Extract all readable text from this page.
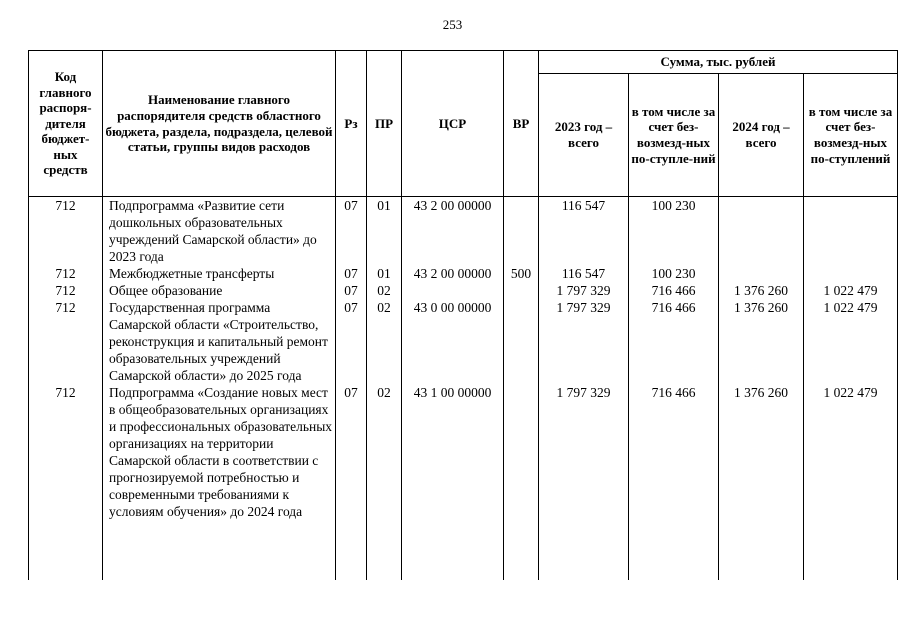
253
Код главного распоря-дителя бюджет-ных средств	Наименование главного распорядителя средств областного бюджета, раздела, подраздела, целевой статьи, группы видов расходов	Рз	ПР	ЦСР	ВР	Сумма, тыс. рублей			
						2023 год – всего	в том числе за счет без-возмезд-ных по-ступле-ний	2024 год – всего	в том числе за счет без-возмезд-ных по-ступлений
712	Подпрограмма «Развитие сети дошкольных образовательных учреждений Самарской области» до 2023 года	07	01	43 2 00 00000		116 547	100 230		
712	Межбюджетные трансферты	07	01	43 2 00 00000	500	116 547	100 230		
712	Общее образование	07	02			1 797 329	716 466	1 376 260	1 022 479
712	Государственная программа Самарской области «Строительство, реконструкция и капитальный ремонт образовательных учреждений Самарской области» до 2025 года	07	02	43 0 00 00000		1 797 329	716 466	1 376 260	1 022 479
712	Подпрограмма «Создание новых мест в общеобразовательных организациях и профессиональных образовательных организациях на территории Самарской области в соответствии с прогнозируемой потребностью и современными требованиями к условиям обучения» до 2024 года	07	02	43 1 00 00000		1 797 329	716 466	1 376 260	1 022 479
